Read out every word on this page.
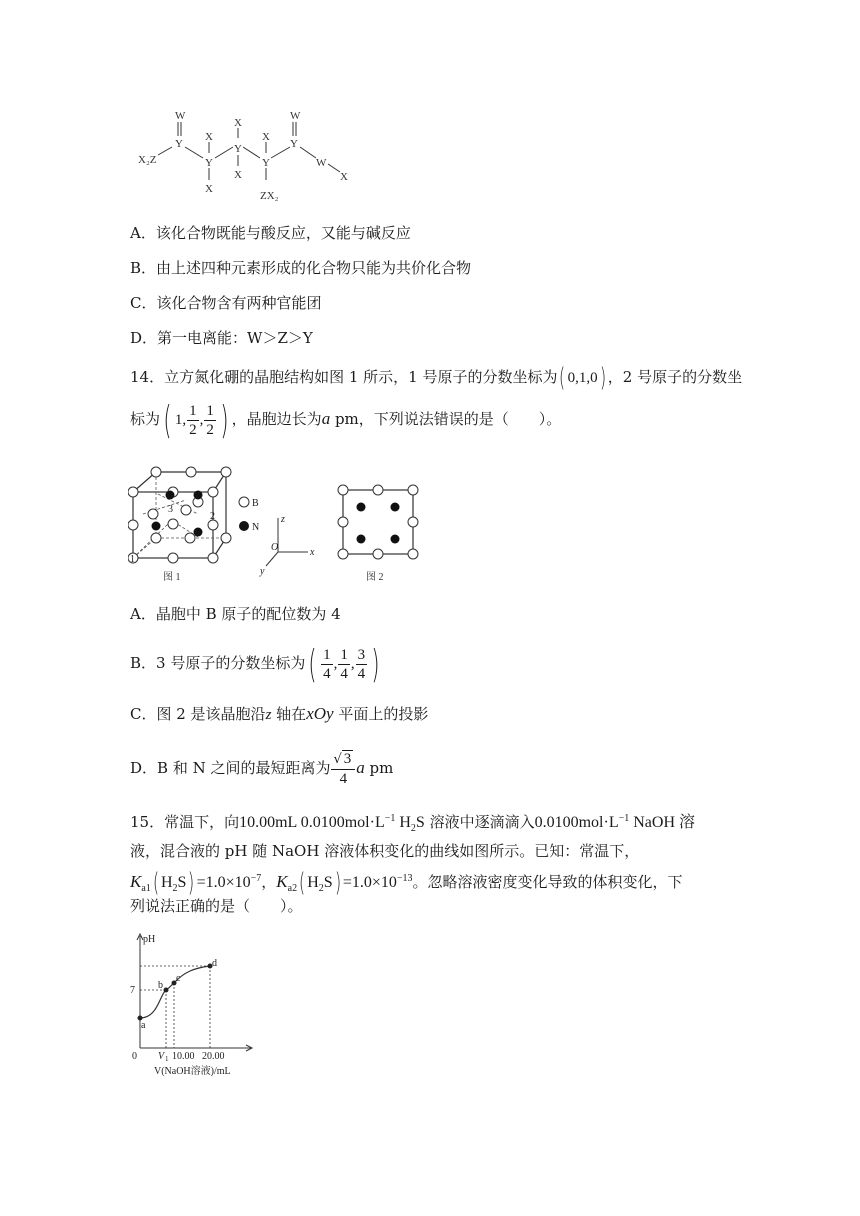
W
Y
X₂Z
X
Y
X
X
Y
X
X
Y
ZX₂
W
Y
W
X
A．该化合物既能与酸反应，又能与碱反应
B．由上述四种元素形成的化合物只能为共价化合物
C．该化合物含有两种官能团
D．第一电离能：W＞Z＞Y
14．立方氮化硼的晶胞结构如图 1 所示，1 号原子的分数坐标为( 0,1,0) ，2 号原子的分数坐
标为( 1, $\frac{1}{2}$ , $\frac{1}{2}$ ) ，晶胞边长为a pm，下列说法错误的是（　　）。
1
2
3
图 1
B
N
z
x
y
O
图 2
A．晶胞中 B 原子的配位数为 4
B．3 号原子的分数坐标为( $\frac{1}{4}$ , $\frac{1}{4}$ , $\frac{3}{4}$ )
C．图 2 是该晶胞沿z 轴在xOy 平面上的投影
D．B 和 N 之间的最短距离为 $\frac{√ 3}{4}$ a pm
15．常温下，向10.00mL $0.0100mol\cdot L^{-1}$ $H_2S$ 溶液中逐滴滴入$0.0100mol\cdot L^{-1}$ NaOH 溶
液，混合液的 pH 随 NaOH 溶液体积变化的曲线如图所示。已知：常温下，
$K_{a1}$( $H_2S) =1.0\times 10^{-7}$，$K_{a2}$( $H_2S) =1.0\times 10^{-13}$。忽略溶液密度变化导致的体积变化，下
列说法正确的是（　　）。
pH
7
0 V 1 10.00 20.00
V(NaOH溶液)/mL
a
b
c
d
